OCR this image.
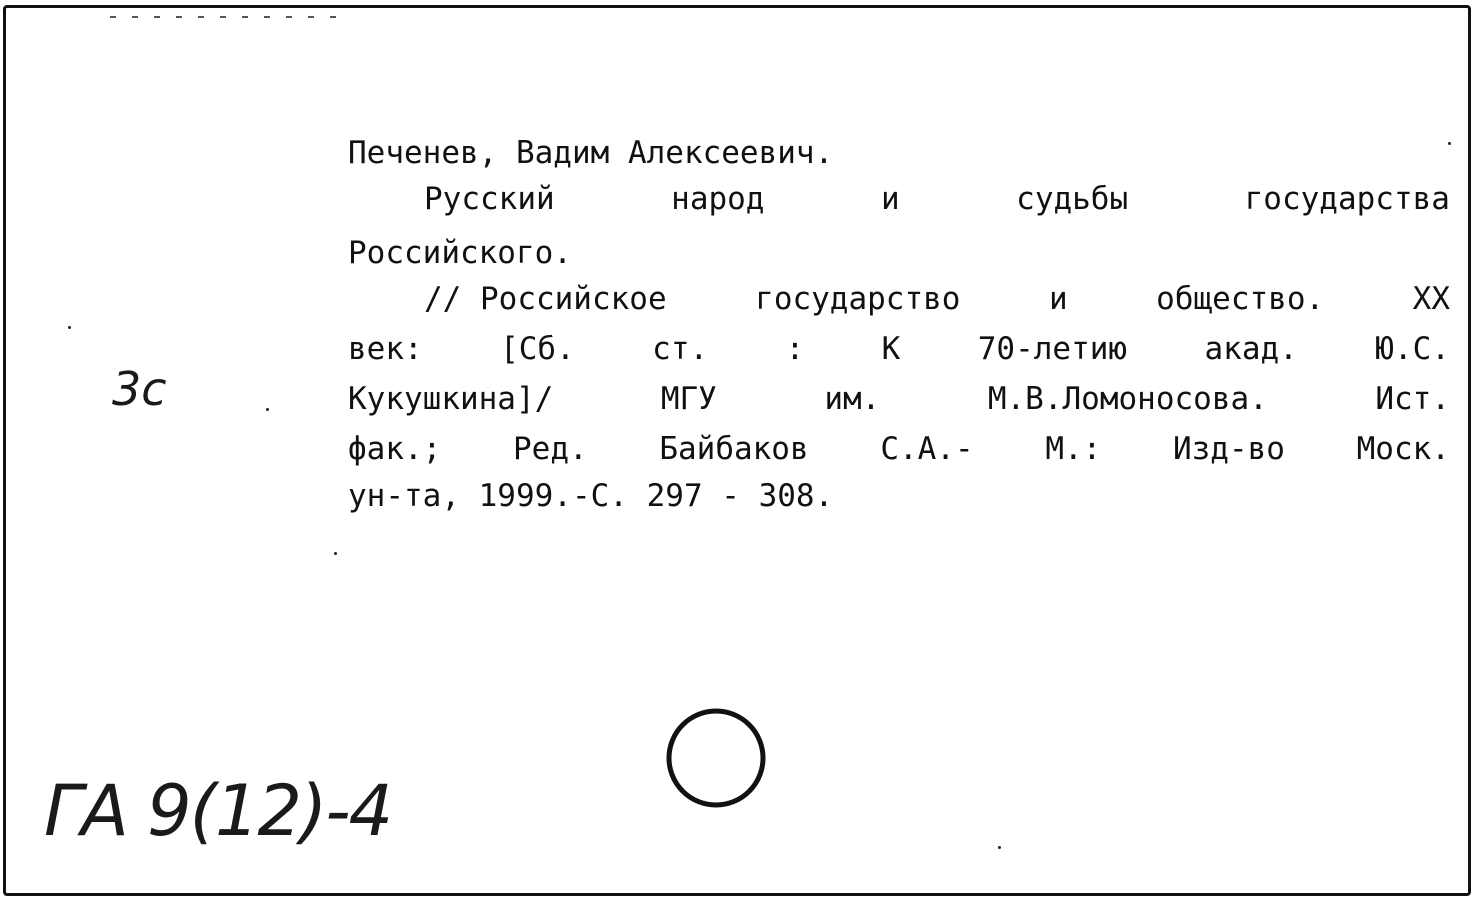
Печенев, Вадим Алексеевич.
Русский	народ	и	судьбы	государства
Российского.
// Российское	государство	и	общество.	XX
век: [Сб. ст. : К 70-летию акад. Ю.С.
Кукушкина]/	МГУ	им.	М.В.Ломоносова.	Ист.
фак.; Ред. Байбаков С.А.- М.: Изд-во Моск.
ун-та, 1999.-С. 297 - 308.
3с
ГА 9(12)-4
